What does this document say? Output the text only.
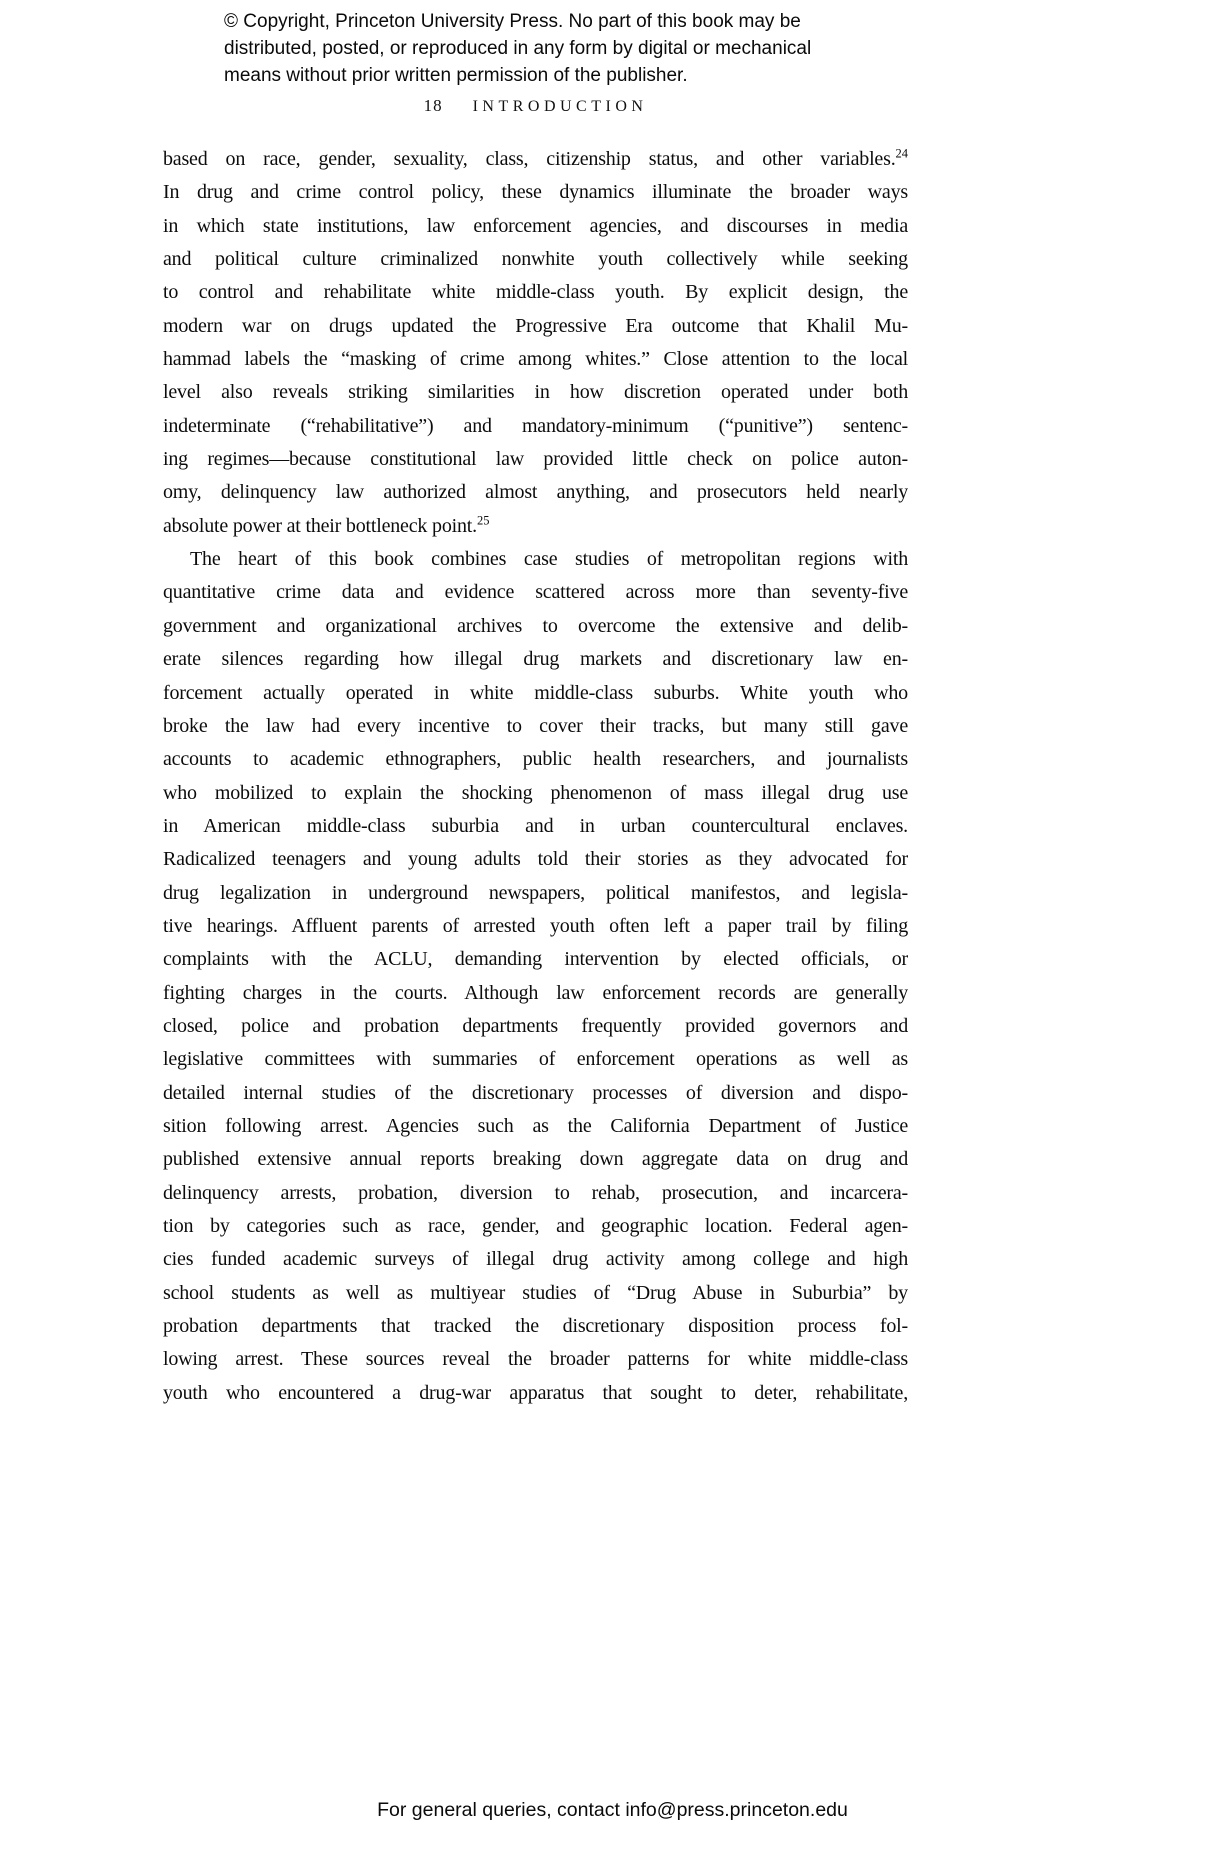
© Copyright, Princeton University Press. No part of this book may be
distributed, posted, or reproduced in any form by digital or mechanical
means without prior written permission of the publisher.
18 INTRODUCTION
based on race, gender, sexuality, class, citizenship status, and other variables.$^{24}$
In drug and crime control policy, these dynamics illuminate the broader ways
in which state institutions, law enforcement agencies, and discourses in media
and political culture criminalized nonwhite youth collectively while seeking
to control and rehabilitate white middle-class youth. By explicit design, the
modern war on drugs updated the Progressive Era outcome that Khalil Mu-
hammad labels the “masking of crime among whites.” Close attention to the local
level also reveals striking similarities in how discretion operated under both
indeterminate (“rehabilitative”) and mandatory-minimum (“punitive”) sentenc-
ing regimes—because constitutional law provided little check on police auton-
omy, delinquency law authorized almost anything, and prosecutors held nearly
absolute power at their bottleneck point.$^{25}$
The heart of this book combines case studies of metropolitan regions with
quantitative crime data and evidence scattered across more than seventy-five
government and organizational archives to overcome the extensive and delib-
erate silences regarding how illegal drug markets and discretionary law en-
forcement actually operated in white middle-class suburbs. White youth who
broke the law had every incentive to cover their tracks, but many still gave
accounts to academic ethnographers, public health researchers, and journalists
who mobilized to explain the shocking phenomenon of mass illegal drug use
in American middle-class suburbia and in urban countercultural enclaves.
Radicalized teenagers and young adults told their stories as they advocated for
drug legalization in underground newspapers, political manifestos, and legisla-
tive hearings. Affluent parents of arrested youth often left a paper trail by filing
complaints with the ACLU, demanding intervention by elected officials, or
fighting charges in the courts. Although law enforcement records are generally
closed, police and probation departments frequently provided governors and
legislative committees with summaries of enforcement operations as well as
detailed internal studies of the discretionary processes of diversion and dispo-
sition following arrest. Agencies such as the California Department of Justice
published extensive annual reports breaking down aggregate data on drug and
delinquency arrests, probation, diversion to rehab, prosecution, and incarcera-
tion by categories such as race, gender, and geographic location. Federal agen-
cies funded academic surveys of illegal drug activity among college and high
school students as well as multiyear studies of “Drug Abuse in Suburbia” by
probation departments that tracked the discretionary disposition process fol-
lowing arrest. These sources reveal the broader patterns for white middle-class
youth who encountered a drug-war apparatus that sought to deter, rehabilitate,
For general queries, contact info@press.princeton.edu
